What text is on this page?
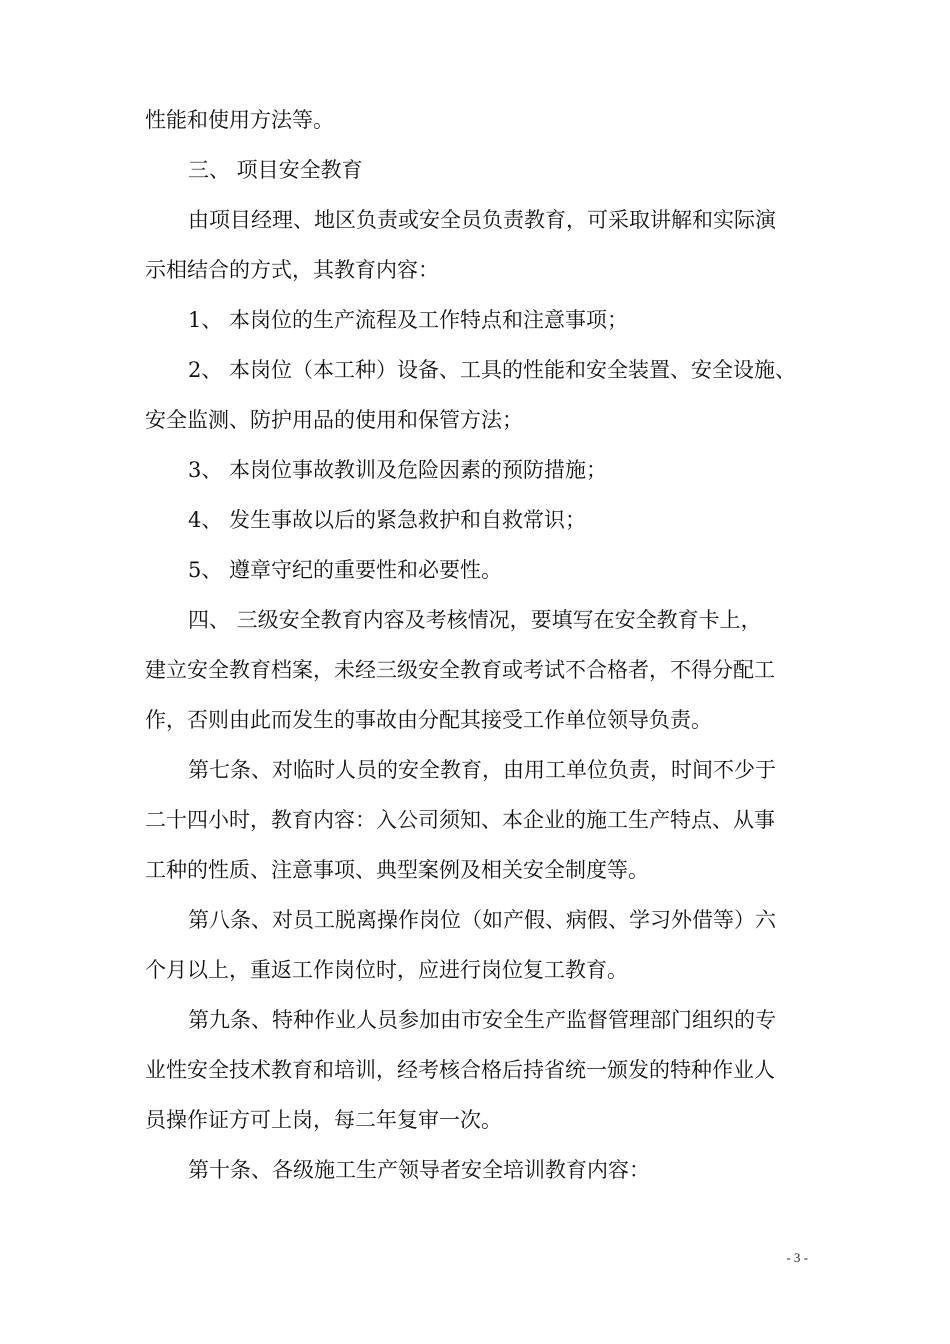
性能和使用方法等。
三、 项目安全教育
由项目经理、地区负责或安全员负责教育，可采取讲解和实际演
示相结合的方式，其教育内容：
1、 本岗位的生产流程及工作特点和注意事项；
2、 本岗位（本工种）设备、工具的性能和安全装置、安全设施、
安全监测、防护用品的使用和保管方法；
3、 本岗位事故教训及危险因素的预防措施；
4、 发生事故以后的紧急救护和自救常识；
5、 遵章守纪的重要性和必要性。
四、 三级安全教育内容及考核情况，要填写在安全教育卡上，
建立安全教育档案，未经三级安全教育或考试不合格者，不得分配工
作，否则由此而发生的事故由分配其接受工作单位领导负责。
第七条、对临时人员的安全教育，由用工单位负责，时间不少于
二十四小时，教育内容：入公司须知、本企业的施工生产特点、从事
工种的性质、注意事项、典型案例及相关安全制度等。
第八条、对员工脱离操作岗位（如产假、病假、学习外借等）六
个月以上，重返工作岗位时，应进行岗位复工教育。
第九条、特种作业人员参加由市安全生产监督管理部门组织的专
业性安全技术教育和培训，经考核合格后持省统一颁发的特种作业人
员操作证方可上岗，每二年复审一次。
第十条、各级施工生产领导者安全培训教育内容：
- 3 -
